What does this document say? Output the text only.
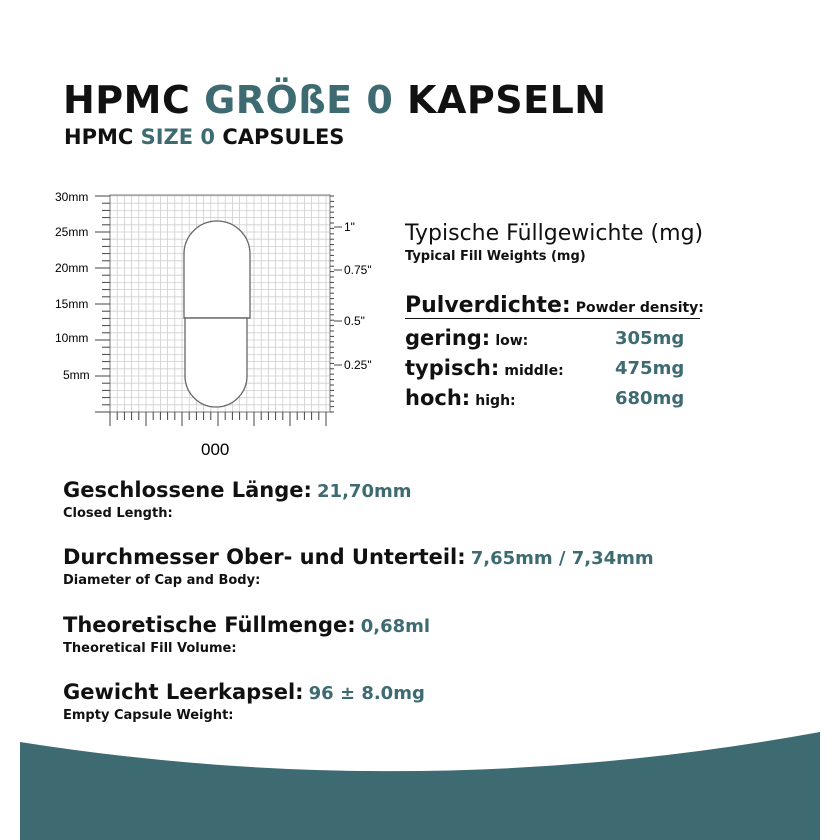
HPMC GRÖßE 0 KAPSELN
HPMC SIZE 0 CAPSULES
30mm
25mm
20mm
15mm
10mm
5mm
1"
0.75"
0.5"
0.25"
000
Typische Füllgewichte (mg)
Typical Fill Weights (mg)
Pulverdichte: Powder density:
gering: low:	305mg
typisch: middle:	475mg
hoch: high:	680mg
Geschlossene Länge: 21,70mm
Closed Length:
Durchmesser Ober- und Unterteil: 7,65mm / 7,34mm
Diameter of Cap and Body:
Theoretische Füllmenge: 0,68ml
Theoretical Fill Volume:
Gewicht Leerkapsel: 96 ± 8.0mg
Empty Capsule Weight:
